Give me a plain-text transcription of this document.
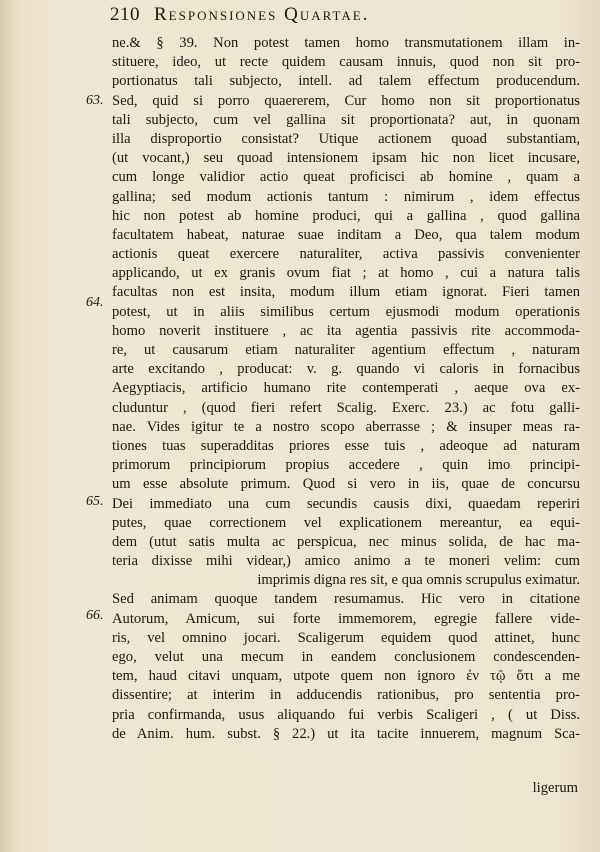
210 Responsiones Quartae.
63.
64.
65.
66.
ne.& § 39. Non potest tamen homo transmutationem illam in-
stituere, ideo, ut recte quidem causam innuis, quod non sit pro-
portionatus tali subjecto, intell. ad talem effectum producendum.
Sed, quid si porro quaererem, Cur homo non sit proportionatus
tali subjecto, cum vel gallina sit proportionata? aut, in quonam
illa disproportio consistat? Utique actionem quoad substantiam,
(ut vocant,) seu quoad intensionem ipsam hic non licet incusare,
cum longe validior actio queat proficisci ab homine , quam a
gallina; sed modum actionis tantum : nimirum , idem effectus
hic non potest ab homine produci, qui a gallina , quod gallina
facultatem habeat, naturae suae inditam a Deo, qua talem modum
actionis queat exercere naturaliter, activa passivis convenienter
applicando, ut ex granis ovum fiat ; at homo , cui a natura talis
facultas non est insita, modum illum etiam ignorat. Fieri tamen
potest, ut in aliis similibus certum ejusmodi modum operationis
homo noverit instituere , ac ita agentia passivis rite accommoda-
re, ut causarum etiam naturaliter agentium effectum , naturam
arte excitando , producat: v. g. quando vi caloris in fornacibus
Aegyptiacis, artificio humano rite contemperati , aeque ova ex-
cluduntur , (quod fieri refert Scalig. Exerc. 23.) ac fotu galli-
nae. Vides igitur te a nostro scopo aberrasse ; & insuper meas ra-
tiones tuas superadditas priores esse tuis , adeoque ad naturam
primorum principiorum propius accedere , quin imo principi-
um esse absolute primum. Quod si vero in iis, quae de concursu
Dei immediato una cum secundis causis dixi, quaedam reperiri
putes, quae correctionem vel explicationem mereantur, ea equi-
dem (utut satis multa ac perspicua, nec minus solida, de hac ma-
teria dixisse mihi videar,) amico animo a te moneri velim: cum
imprimis digna res sit, e qua omnis scrupulus eximatur.
Sed animam quoque tandem resumamus. Hic vero in citatione
Autorum, Amicum, sui forte immemorem, egregie fallere vide-
ris, vel omnino jocari. Scaligerum equidem quod attinet, hunc
ego, velut una mecum in eandem conclusionem condescenden-
tem, haud citavi unquam, utpote quem non ignoro ἐν τῷ ὅτι a me
dissentire; at interim in adducendis rationibus, pro sententia pro-
pria confirmanda, usus aliquando fui verbis Scaligeri , ( ut Diss.
de Anim. hum. subst. § 22.) ut ita tacite innuerem, magnum Sca-
ligerum
